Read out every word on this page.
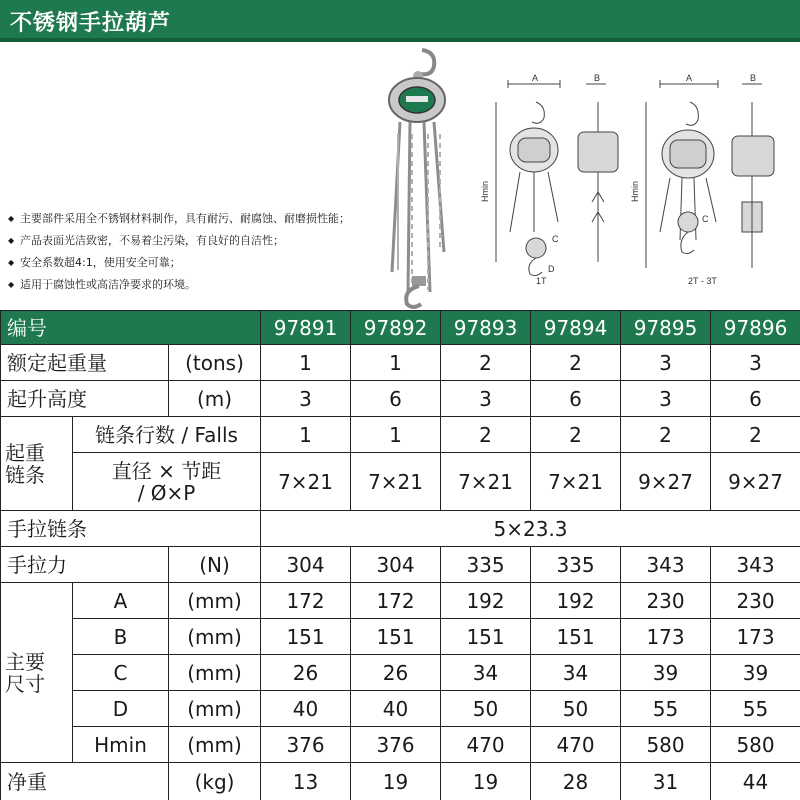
不锈钢手拉葫芦
A	B	A	B
Hmin	Hmin
C
C
D
1T	2T - 3T
◆ 主要部件采用全不锈钢材料制作，具有耐污、耐腐蚀、耐磨损性能；
◆ 产品表面光洁致密，不易着尘污染，有良好的自洁性；
◆ 安全系数超4:1，使用安全可靠；
◆ 适用于腐蚀性或高洁净要求的环境。
编号			97891	97892	97893	97894	97895	97896
额定起重量		(tons)	1	1	2	2	3	3
起升高度		(m)	3	6	3	6	3	6

起重
链条	链条行数 / Falls		1	1	2	2	2	2

	直径 × 节距
/ Ø×P		7×21	7×21	7×21	7×21	9×27	9×27
手拉链条			5×23.3					
手拉力		(N)	304	304	335	335	343	343

主要
尺寸	A	(mm)	172	172	192	192	230	230
	B	(mm)	151	151	151	151	173	173
	C	(mm)	26	26	34	34	39	39
	D	(mm)	40	40	50	50	55	55
	Hmin	(mm)	376	376	470	470	580	580
净重		(kg)	13	19	19	28	31	44
